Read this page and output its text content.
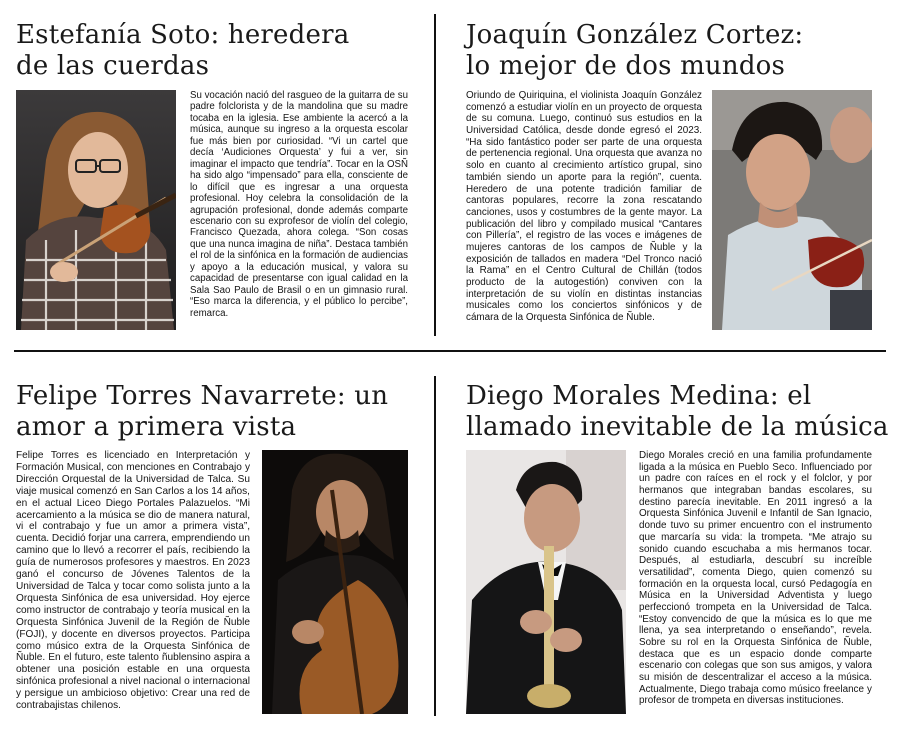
Estefanía Soto: heredera
de las cuerdas

Su vocación nació del rasgueo de la guitarra de su padre folclorista y de la mandolina que su madre tocaba en la iglesia. Ese ambiente la acercó a la música, aunque su ingreso a la orquesta escolar fue más bien por curiosidad. “Vi un cartel que decía ‘Audiciones Orquesta’ y fui a ver, sin imaginar el impacto que tendría”. Tocar en la OSÑ ha sido algo “impensado” para ella, consciente de lo difícil que es ingresar a una orquesta profesional. Hoy celebra la consolidación de la agrupación profesional, donde además comparte escenario con su exprofesor de violín del colegio, Francisco Quezada, ahora colega. “Son cosas que una nunca imagina de niña”. Destaca también el rol de la sinfónica en la formación de audiencias y apoyo a la educación musical, y valora su capacidad de presentarse con igual calidad en la Sala Sao Paulo de Brasil o en un gimnasio rural. “Eso marca la diferencia, y el público lo percibe”, remarca.

Joaquín González Cortez:
lo mejor de dos mundos

Oriundo de Quiriquina, el violinista Joaquín González comenzó a estudiar violín en un proyecto de orquesta de su comuna. Luego, continuó sus estudios en la Universidad Católica, desde donde egresó el 2023. “Ha sido fantástico poder ser parte de una orquesta de pertenencia regional. Una orquesta que avanza no solo en cuanto al crecimiento artístico grupal, sino también siendo un aporte para la región”, cuenta. Heredero de una potente tradición familiar de cantoras populares, recorre la zona rescatando canciones, usos y costumbres de la gente mayor. La publicación del libro y compilado musical “Cantares con Pillería”, el registro de las voces e imágenes de mujeres cantoras de los campos de Ñuble y la exposición de tallados en madera “Del Tronco nació la Rama” en el Centro Cultural de Chillán (todos producto de la autogestión) conviven con la interpretación de su violín en distintas instancias musicales como los conciertos sinfónicos y de cámara de la Orquesta Sinfónica de Ñuble.

Felipe Torres Navarrete: un
amor a primera vista

Felipe Torres es licenciado en Interpretación y Formación Musical, con menciones en Contrabajo y Dirección Orquestal de la Universidad de Talca. Su viaje musical comenzó en San Carlos a los 14 años, en el actual Liceo Diego Portales Palazuelos. “Mi acercamiento a la música se dio de manera natural, vi el contrabajo y fue un amor a primera vista”, cuenta. Decidió forjar una carrera, emprendiendo un camino que lo llevó a recorrer el país, recibiendo la guía de numerosos profesores y maestros. En 2023 ganó el concurso de Jóvenes Talentos de la Universidad de Talca y tocar como solista junto a la Orquesta Sinfónica de esa universidad. Hoy ejerce como instructor de contrabajo y teoría musical en la Orquesta Sinfónica Juvenil de la Región de Ñuble (FOJI), y docente en diversos proyectos. Participa como músico extra de la Orquesta Sinfónica de Ñuble. En el futuro, este talento ñublensino aspira a obtener una posición estable en una orquesta sinfónica profesional a nivel nacional o internacional y persigue un ambicioso objetivo: Crear una red de contrabajistas chilenos.

Diego Morales Medina: el
llamado inevitable de la música

Diego Morales creció en una familia profundamente ligada a la música en Pueblo Seco. Influenciado por un padre con raíces en el rock y el folclor, y por hermanos que integraban bandas escolares, su destino parecía inevitable. En 2011 ingresó a la Orquesta Sinfónica Juvenil e Infantil de San Ignacio, donde tuvo su primer encuentro con el instrumento que marcaría su vida: la trompeta. “Me atrajo su sonido cuando escuchaba a mis hermanos tocar. Después, al estudiarla, descubrí su increíble versatilidad”, comenta Diego, quien comenzó su formación en la orquesta local, cursó Pedagogía en Música en la Universidad Adventista y luego perfeccionó trompeta en la Universidad de Talca. “Estoy convencido de que la música es lo que me llena, ya sea interpretando o enseñando”, revela. Sobre su rol en la Orquesta Sinfónica de Ñuble, destaca que es un espacio donde comparte escenario con colegas que son sus amigos, y valora su misión de descentralizar el acceso a la música. Actualmente, Diego trabaja como músico freelance y profesor de trompeta en diversas instituciones.
